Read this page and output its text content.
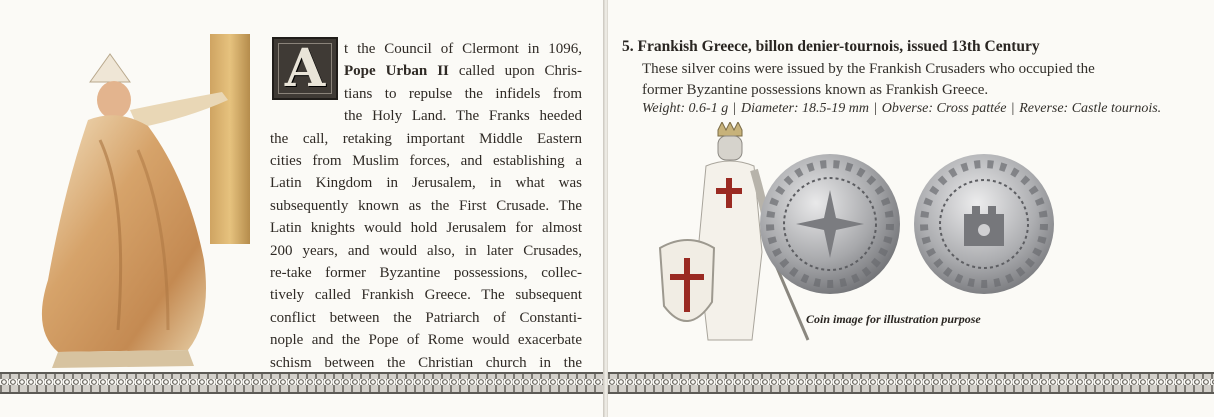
A	t the Council of Clermont in 1096,
Pope Urban II called upon Chris-
tians to repulse the infidels from
the Holy Land. The Franks heeded
the call, retaking important Middle Eastern
cities from Muslim forces, and establishing a
Latin Kingdom in Jerusalem, in what was
subsequently known as the First Crusade. The
Latin knights would hold Jerusalem for almost
200 years, and would also, in later Crusades,
re-take former Byzantine possessions, collec-
tively called Frankish Greece. The subsequent
conflict between the Patriarch of Constanti-
nople and the Pope of Rome would exacerbate
schism between the Christian church in the
5. Frankish Greece, billon denier-tournois, issued 13th Century
These silver coins were issued by the Frankish Crusaders who occupied the
former Byzantine possessions known as Frankish Greece.
Weight: 0.6-1 g | Diameter: 18.5-19 mm | Obverse: Cross pattée | Reverse: Castle tournois.
Coin image for illustration purpose
